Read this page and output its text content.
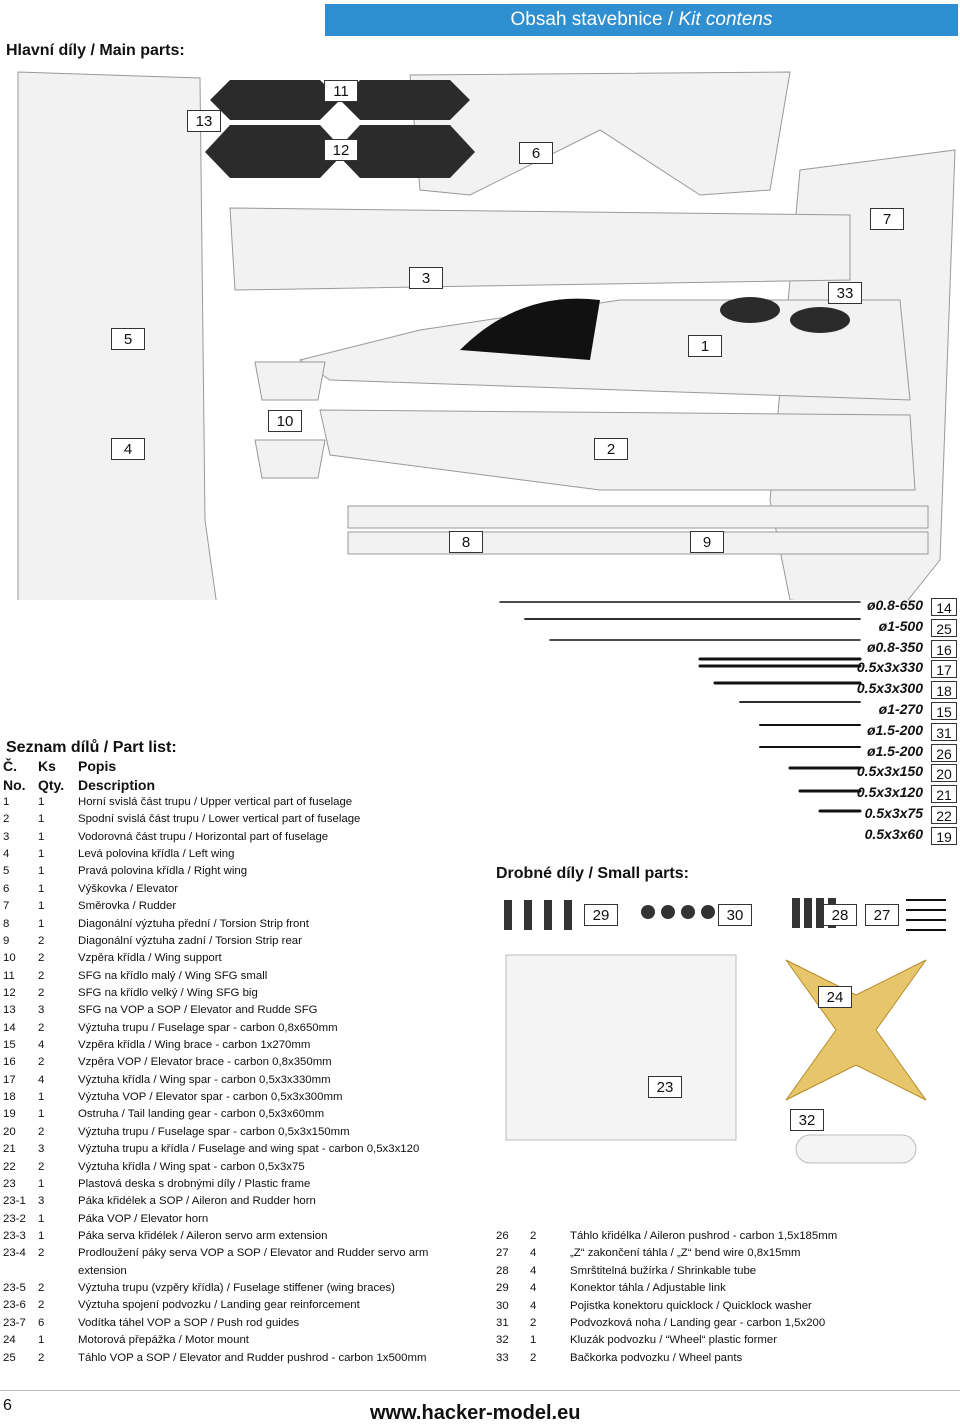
Obsah stavebnice / Kit contens
Hlavní díly / Main parts:
11
13
12	6
7
3
33
5	1
10
4	2
8	9
ø0.8-650 14
ø1-500 25
ø0.8-350 16
0.5x3x330 17
0.5x3x300 18
ø1-270 15
ø1.5-200 31
ø1.5-200 26
0.5x3x150 20
0.5x3x120 21
0.5x3x75 22
0.5x3x60 19
Seznam dílů / Part list:
Č. Ks Popis
No. Qty. Description
1	1	Horní svislá část trupu / Upper vertical part of fuselage
2	1	Spodní svislá část trupu / Lower vertical part of fuselage
3	1	Vodorovná část trupu / Horizontal part of fuselage
4	1	Levá polovina křídla / Left wing
5	1	Pravá polovina křídla / Right wing
6	1	Výškovka / Elevator
7	1	Směrovka / Rudder
8	1	Diagonální výztuha přední / Torsion Strip front
9	2	Diagonální výztuha zadní / Torsion Strip rear
10	2	Vzpěra křídla / Wing support
11	2	SFG na křídlo malý / Wing SFG small
12	2	SFG na křídlo velký / Wing SFG big
13	3	SFG na VOP a SOP / Elevator and Rudde SFG
14	2	Výztuha trupu / Fuselage spar - carbon 0,8x650mm
15	4	Vzpěra křídla / Wing brace - carbon 1x270mm
16	2	Vzpěra VOP / Elevator brace - carbon 0,8x350mm
17	4	Výztuha křídla / Wing spar - carbon 0,5x3x330mm
18	1	Výztuha VOP / Elevator spar - carbon 0,5x3x300mm
19	1	Ostruha / Tail landing gear - carbon 0,5x3x60mm
20	2	Výztuha trupu / Fuselage spar - carbon 0,5x3x150mm
21	3	Výztuha trupu a křídla / Fuselage and wing spat - carbon 0,5x3x120
22	2	Výztuha křídla / Wing spat - carbon 0,5x3x75
23	1	Plastová deska s drobnými díly / Plastic frame
23-1	3	Páka křidélek a SOP / Aileron and Rudder horn
23-2	1	Páka VOP / Elevator horn
23-3	1	Páka serva křidélek / Aileron servo arm extension
23-4	2	Prodloužení páky serva VOP a SOP / Elevator and Rudder servo arm
extension
23-5	2	Výztuha trupu (vzpěry křídla) / Fuselage stiffener (wing braces)
23-6	2	Výztuha spojení podvozku / Landing gear reinforcement
23-7	6	Vodítka táhel VOP a SOP / Push rod guides
24	1	Motorová přepážka / Motor mount
25	2	Táhlo VOP a SOP / Elevator and Rudder pushrod - carbon 1x500mm
Drobné díly / Small parts:
29	30	28	27
24
23
32
26 2	Táhlo křidélka / Aileron pushrod - carbon 1,5x185mm
27 4	„Z“ zakončení táhla / „Z“ bend wire 0,8x15mm
28 4	Smrštitelná bužírka / Shrinkable tube
29 4	Konektor táhla / Adjustable link
30 4	Pojistka konektoru quicklock / Quicklock washer
31 2	Podvozková noha / Landing gear - carbon 1,5x200
32 1	Kluzák podvozku / “Wheel“ plastic former
33 2	Bačkorka podvozku / Wheel pants
6	www.hacker-model.eu
